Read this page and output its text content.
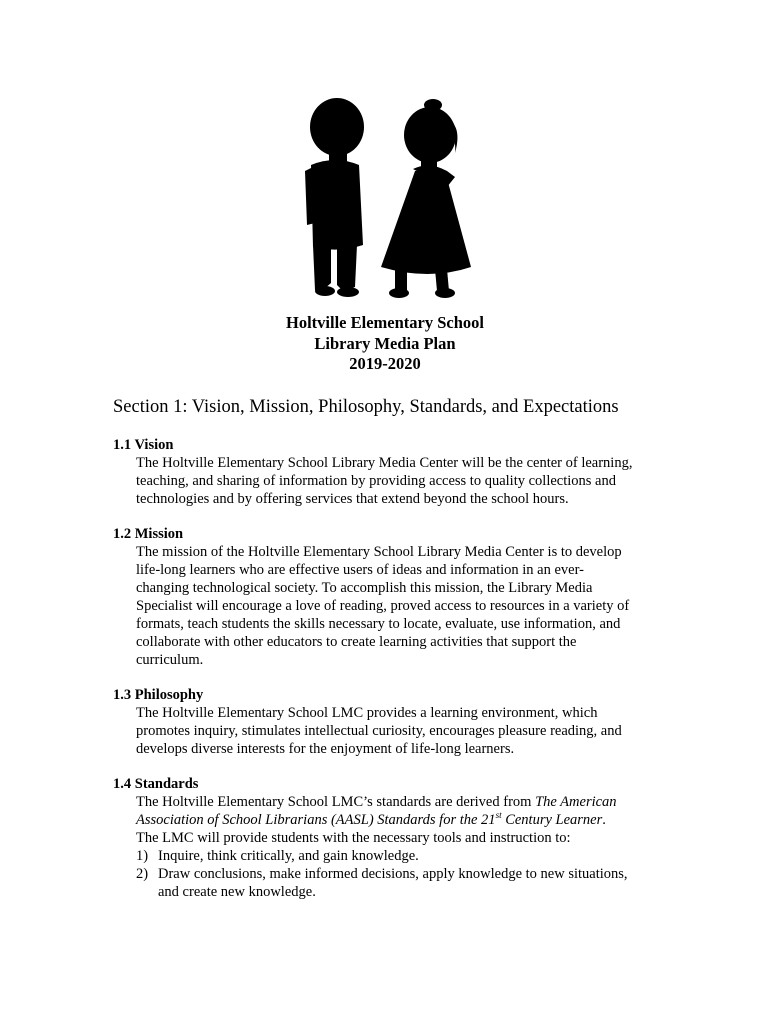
Holtville Elementary School
Library Media Plan
2019-2020
Section 1: Vision, Mission, Philosophy, Standards, and Expectations
1.1 Vision
The Holtville Elementary School Library Media Center will be the center of learning,
teaching, and sharing of information by providing access to quality collections and
technologies and by offering services that extend beyond the school hours.
1.2 Mission
The mission of the Holtville Elementary School Library Media Center is to develop
life-long learners who are effective users of ideas and information in an ever-
changing technological society. To accomplish this mission, the Library Media
Specialist will encourage a love of reading, proved access to resources in a variety of
formats, teach students the skills necessary to locate, evaluate, use information, and
collaborate with other educators to create learning activities that support the
curriculum.
1.3 Philosophy
The Holtville Elementary School LMC provides a learning environment, which
promotes inquiry, stimulates intellectual curiosity, encourages pleasure reading, and
develops diverse interests for the enjoyment of life-long learners.
1.4 Standards
The Holtville Elementary School LMC’s standards are derived from The American
Association of School Librarians (AASL) Standards for the 21st Century Learner.
The LMC will provide students with the necessary tools and instruction to:
1) Inquire, think critically, and gain knowledge.
2) Draw conclusions, make informed decisions, apply knowledge to new situations,
and create new knowledge.
